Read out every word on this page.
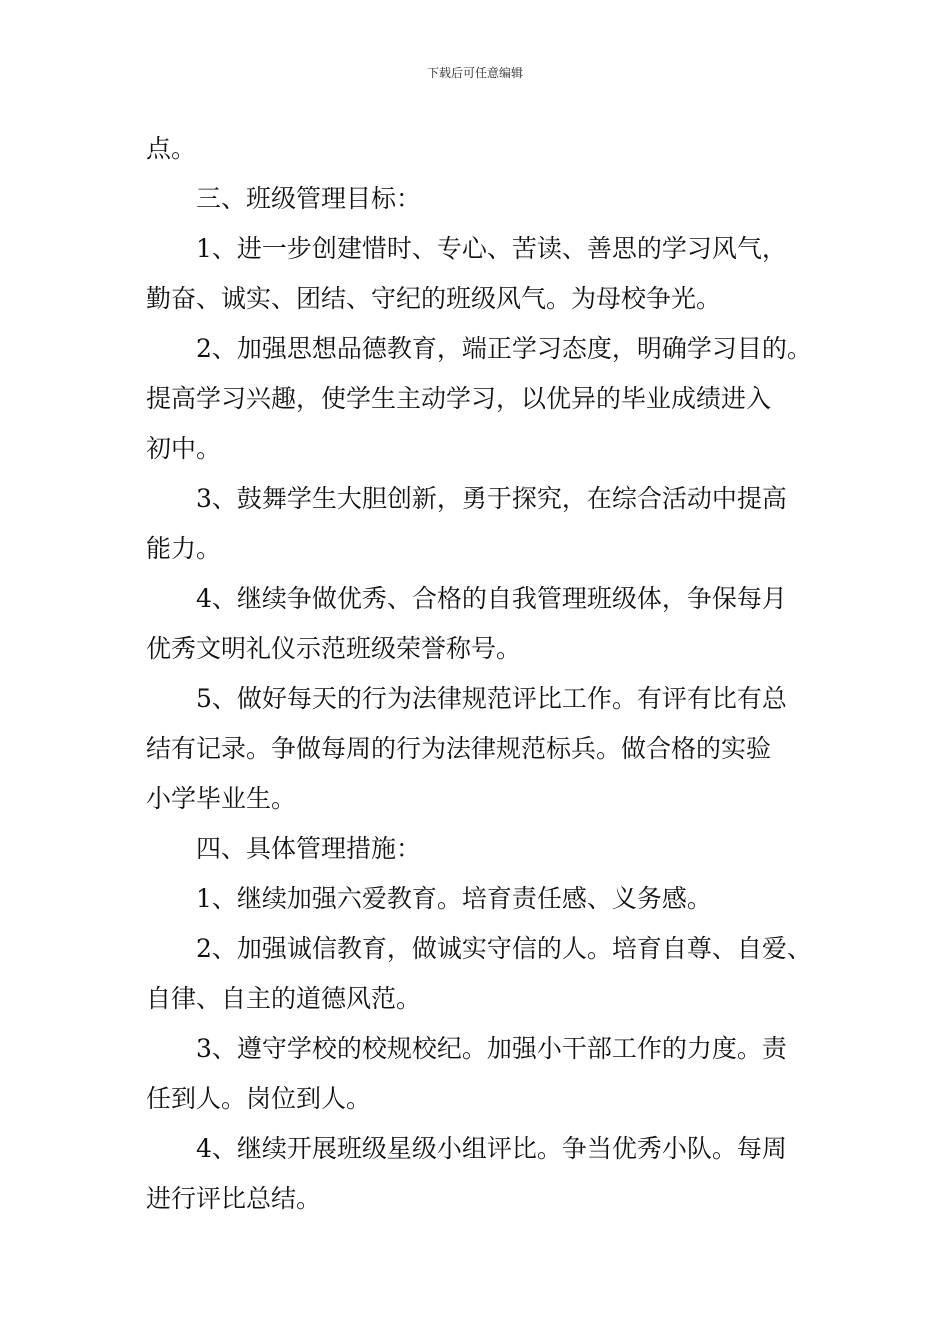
下载后可任意编辑
点。
三、班级管理目标：
1、进一步创建惜时、专心、苦读、善思的学习风气，
勤奋、诚实、团结、守纪的班级风气。为母校争光。
2、加强思想品德教育，端正学习态度，明确学习目的。
提高学习兴趣，使学生主动学习，以优异的毕业成绩进入
初中。
3、鼓舞学生大胆创新，勇于探究，在综合活动中提高
能力。
4、继续争做优秀、合格的自我管理班级体，争保每月
优秀文明礼仪示范班级荣誉称号。
5、做好每天的行为法律规范评比工作。有评有比有总
结有记录。争做每周的行为法律规范标兵。做合格的实验
小学毕业生。
四、具体管理措施：
1、继续加强六爱教育。培育责任感、义务感。
2、加强诚信教育，做诚实守信的人。培育自尊、自爱、
自律、自主的道德风范。
3、遵守学校的校规校纪。加强小干部工作的力度。责
任到人。岗位到人。
4、继续开展班级星级小组评比。争当优秀小队。每周
进行评比总结。
